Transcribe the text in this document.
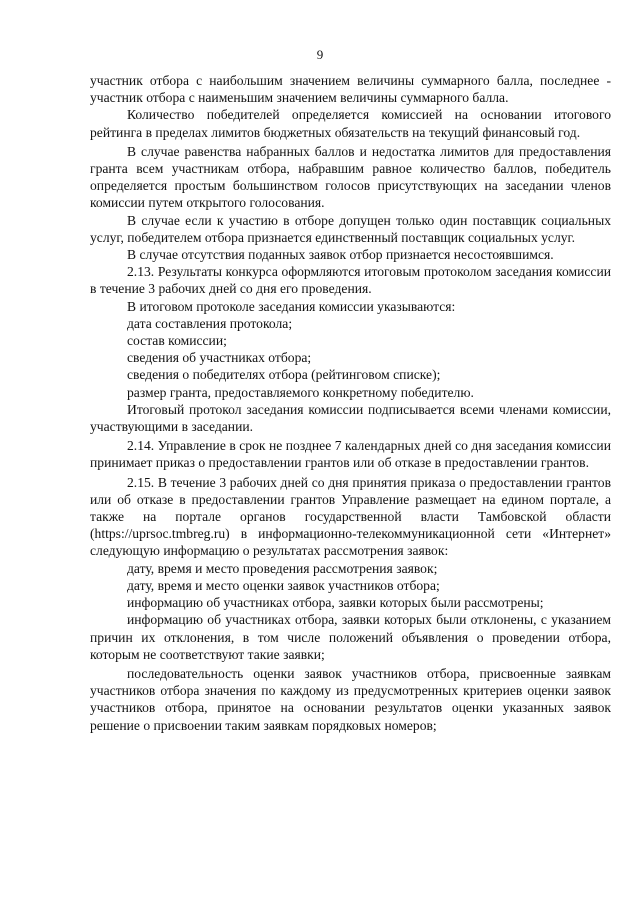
9

участник отбора с наибольшим значением величины суммарного балла, последнее - участник отбора с наименьшим значением величины суммарного балла.

Количество победителей определяется комиссией на основании итогового рейтинга в пределах лимитов бюджетных обязательств на текущий финансовый год.

В случае равенства набранных баллов и недостатка лимитов для предоставления гранта всем участникам отбора, набравшим равное количество баллов, победитель определяется простым большинством голосов присутствующих на заседании членов комиссии путем открытого голосования.

В случае если к участию в отборе допущен только один поставщик социальных услуг, победителем отбора признается единственный поставщик социальных услуг.

В случае отсутствия поданных заявок отбор признается несостоявшимся.

2.13. Результаты конкурса оформляются итоговым протоколом заседания комиссии в течение 3 рабочих дней со дня его проведения.

В итоговом протоколе заседания комиссии указываются:

дата составления протокола;

состав комиссии;

сведения об участниках отбора;

сведения о победителях отбора (рейтинговом списке);

размер гранта, предоставляемого конкретному победителю.

Итоговый протокол заседания комиссии подписывается всеми членами комиссии, участвующими в заседании.

2.14. Управление в срок не позднее 7 календарных дней со дня заседания комиссии принимает приказ о предоставлении грантов или об отказе в предоставлении грантов.

2.15. В течение 3 рабочих дней со дня принятия приказа о предоставлении грантов или об отказе в предоставлении грантов Управление размещает на едином портале, а также на портале органов государственной власти Тамбовской области (https://uprsoc.tmbreg.ru) в информационно-телекоммуникационной сети «Интернет» следующую информацию о результатах рассмотрения заявок:

дату, время и место проведения рассмотрения заявок;

дату, время и место оценки заявок участников отбора;

информацию об участниках отбора, заявки которых были рассмотрены;

информацию об участниках отбора, заявки которых были отклонены, с указанием причин их отклонения, в том числе положений объявления о проведении отбора, которым не соответствуют такие заявки;

последовательность оценки заявок участников отбора, присвоенные заявкам участников отбора значения по каждому из предусмотренных критериев оценки заявок участников отбора, принятое на основании результатов оценки указанных заявок решение о присвоении таким заявкам порядковых номеров;
